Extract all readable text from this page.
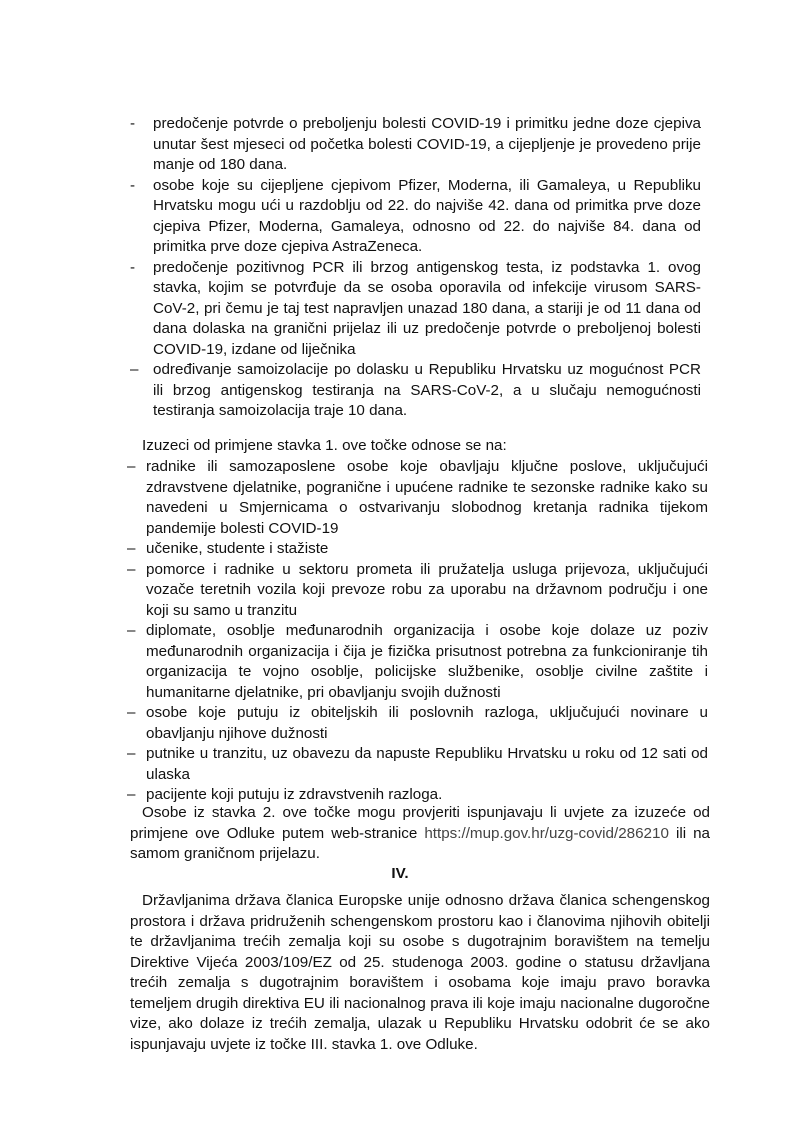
- predočenje potvrde o preboljenju bolesti COVID-19 i primitku jedne doze cjepiva unutar šest mjeseci od početka bolesti COVID-19, a cijepljenje je provedeno prije manje od 180 dana.
- osobe koje su cijepljene cjepivom Pfizer, Moderna, ili Gamaleya, u Republiku Hrvatsku mogu ući u razdoblju od 22. do najviše 42. dana od primitka prve doze cjepiva Pfizer, Moderna, Gamaleya, odnosno od 22. do najviše 84. dana od primitka prve doze cjepiva AstraZeneca.
- predočenje pozitivnog PCR ili brzog antigenskog testa, iz podstavka 1. ovog stavka, kojim se potvrđuje da se osoba oporavila od infekcije virusom SARS-CoV-2, pri čemu je taj test napravljen unazad 180 dana, a stariji je od 11 dana od dana dolaska na granični prijelaz ili uz predočenje potvrde o preboljenoj bolesti COVID-19, izdane od liječnika
– određivanje samoizolacije po dolasku u Republiku Hrvatsku uz mogućnost PCR ili brzog antigenskog testiranja na SARS-CoV-2, a u slučaju nemogućnosti testiranja samoizolacija traje 10 dana.

Izuzeci od primjene stavka 1. ove točke odnose se na:

– radnike ili samozaposlene osobe koje obavljaju ključne poslove, uključujući zdravstvene djelatnike, pogranične i upućene radnike te sezonske radnike kako su navedeni u Smjernicama o ostvarivanju slobodnog kretanja radnika tijekom pandemije bolesti COVID-19
– učenike, studente i stažiste
– pomorce i radnike u sektoru prometa ili pružatelja usluga prijevoza, uključujući vozače teretnih vozila koji prevoze robu za uporabu na državnom području i one koji su samo u tranzitu
– diplomate, osoblje međunarodnih organizacija i osobe koje dolaze uz poziv međunarodnih organizacija i čija je fizička prisutnost potrebna za funkcioniranje tih organizacija te vojno osoblje, policijske službenike, osoblje civilne zaštite i humanitarne djelatnike, pri obavljanju svojih dužnosti
– osobe koje putuju iz obiteljskih ili poslovnih razloga, uključujući novinare u obavljanju njihove dužnosti
– putnike u tranzitu, uz obavezu da napuste Republiku Hrvatsku u roku od 12 sati od ulaska
– pacijente koji putuju iz zdravstvenih razloga.

Osobe iz stavka 2. ove točke mogu provjeriti ispunjavaju li uvjete za izuzeće od primjene ove Odluke putem web-stranice https://mup.gov.hr/uzg-covid/286210 ili na samom graničnom prijelazu.

IV.

Državljanima država članica Europske unije odnosno država članica schengenskog prostora i država pridruženih schengenskom prostoru kao i članovima njihovih obitelji te državljanima trećih zemalja koji su osobe s dugotrajnim boravištem na temelju Direktive Vijeća 2003/109/EZ od 25. studenoga 2003. godine o statusu državljana trećih zemalja s dugotrajnim boravištem i osobama koje imaju pravo boravka temeljem drugih direktiva EU ili nacionalnog prava ili koje imaju nacionalne dugoročne vize, ako dolaze iz trećih zemalja, ulazak u Republiku Hrvatsku odobrit će se ako ispunjavaju uvjete iz točke III. stavka 1. ove Odluke.
